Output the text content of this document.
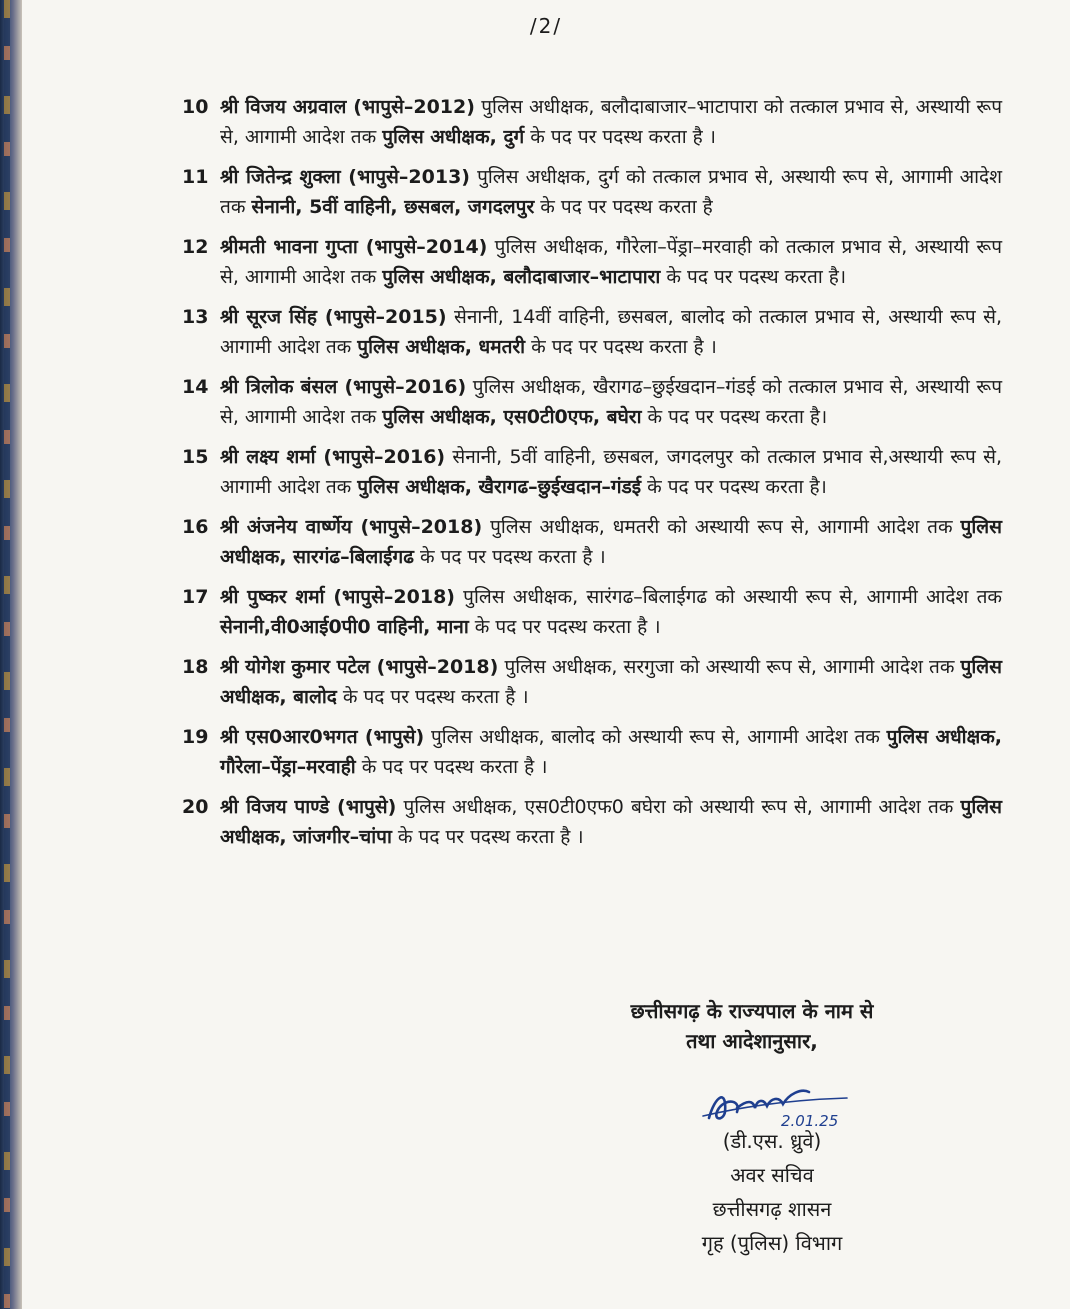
/2/
10 श्री विजय अग्रवाल (भापुसे–2012) पुलिस अधीक्षक, बलौदाबाजार–भाटापारा को तत्काल प्रभाव से, अस्थायी रूप से, आगामी आदेश तक पुलिस अधीक्षक, दुर्ग के पद पर पदस्थ करता है ।
11 श्री जितेन्द्र शुक्ला (भापुसे–2013) पुलिस अधीक्षक, दुर्ग को तत्काल प्रभाव से, अस्थायी रूप से, आगामी आदेश तक सेनानी, 5वीं वाहिनी, छसबल, जगदलपुर के पद पर पदस्थ करता है
12 श्रीमती भावना गुप्ता (भापुसे–2014) पुलिस अधीक्षक, गौरेला–पेंड्रा–मरवाही को तत्काल प्रभाव से, अस्थायी रूप से, आगामी आदेश तक पुलिस अधीक्षक, बलौदाबाजार–भाटापारा के पद पर पदस्थ करता है।
13 श्री सूरज सिंह (भापुसे–2015) सेनानी, 14वीं वाहिनी, छसबल, बालोद को तत्काल प्रभाव से, अस्थायी रूप से, आगामी आदेश तक पुलिस अधीक्षक, धमतरी के पद पर पदस्थ करता है ।
14 श्री त्रिलोक बंसल (भापुसे–2016) पुलिस अधीक्षक, खैरागढ–छुईखदान–गंडई को तत्काल प्रभाव से, अस्थायी रूप से, आगामी आदेश तक पुलिस अधीक्षक, एस0टी0एफ, बघेरा के पद पर पदस्थ करता है।
15 श्री लक्ष्य शर्मा (भापुसे–2016) सेनानी, 5वीं वाहिनी, छसबल, जगदलपुर को तत्काल प्रभाव से,अस्थायी रूप से, आगामी आदेश तक पुलिस अधीक्षक, खैरागढ–छुईखदान–गंडई के पद पर पदस्थ करता है।
16 श्री अंजनेय वार्ष्णेय (भापुसे–2018) पुलिस अधीक्षक, धमतरी को अस्थायी रूप से, आगामी आदेश तक पुलिस अधीक्षक, सारगंढ–बिलाईगढ के पद पर पदस्थ करता है ।
17 श्री पुष्कर शर्मा (भापुसे–2018) पुलिस अधीक्षक, सारंगढ–बिलाईगढ को अस्थायी रूप से, आगामी आदेश तक सेनानी,वी0आई0पी0 वाहिनी, माना के पद पर पदस्थ करता है ।
18 श्री योगेश कुमार पटेल (भापुसे–2018) पुलिस अधीक्षक, सरगुजा को अस्थायी रूप से, आगामी आदेश तक पुलिस अधीक्षक, बालोद के पद पर पदस्थ करता है ।
19 श्री एस0आर0भगत (भापुसे) पुलिस अधीक्षक, बालोद को अस्थायी रूप से, आगामी आदेश तक पुलिस अधीक्षक, गौरेला–पेंड्रा–मरवाही के पद पर पदस्थ करता है ।
20 श्री विजय पाण्डे (भापुसे) पुलिस अधीक्षक, एस0टी0एफ0 बघेरा को अस्थायी रूप से, आगामी आदेश तक पुलिस अधीक्षक, जांजगीर–चांपा के पद पर पदस्थ करता है ।
छत्तीसगढ़ के राज्यपाल के नाम से
तथा आदेशानुसार,
2.01.25
(डी.एस. ध्रुवे)
अवर सचिव
छत्तीसगढ़ शासन
गृह (पुलिस) विभाग
